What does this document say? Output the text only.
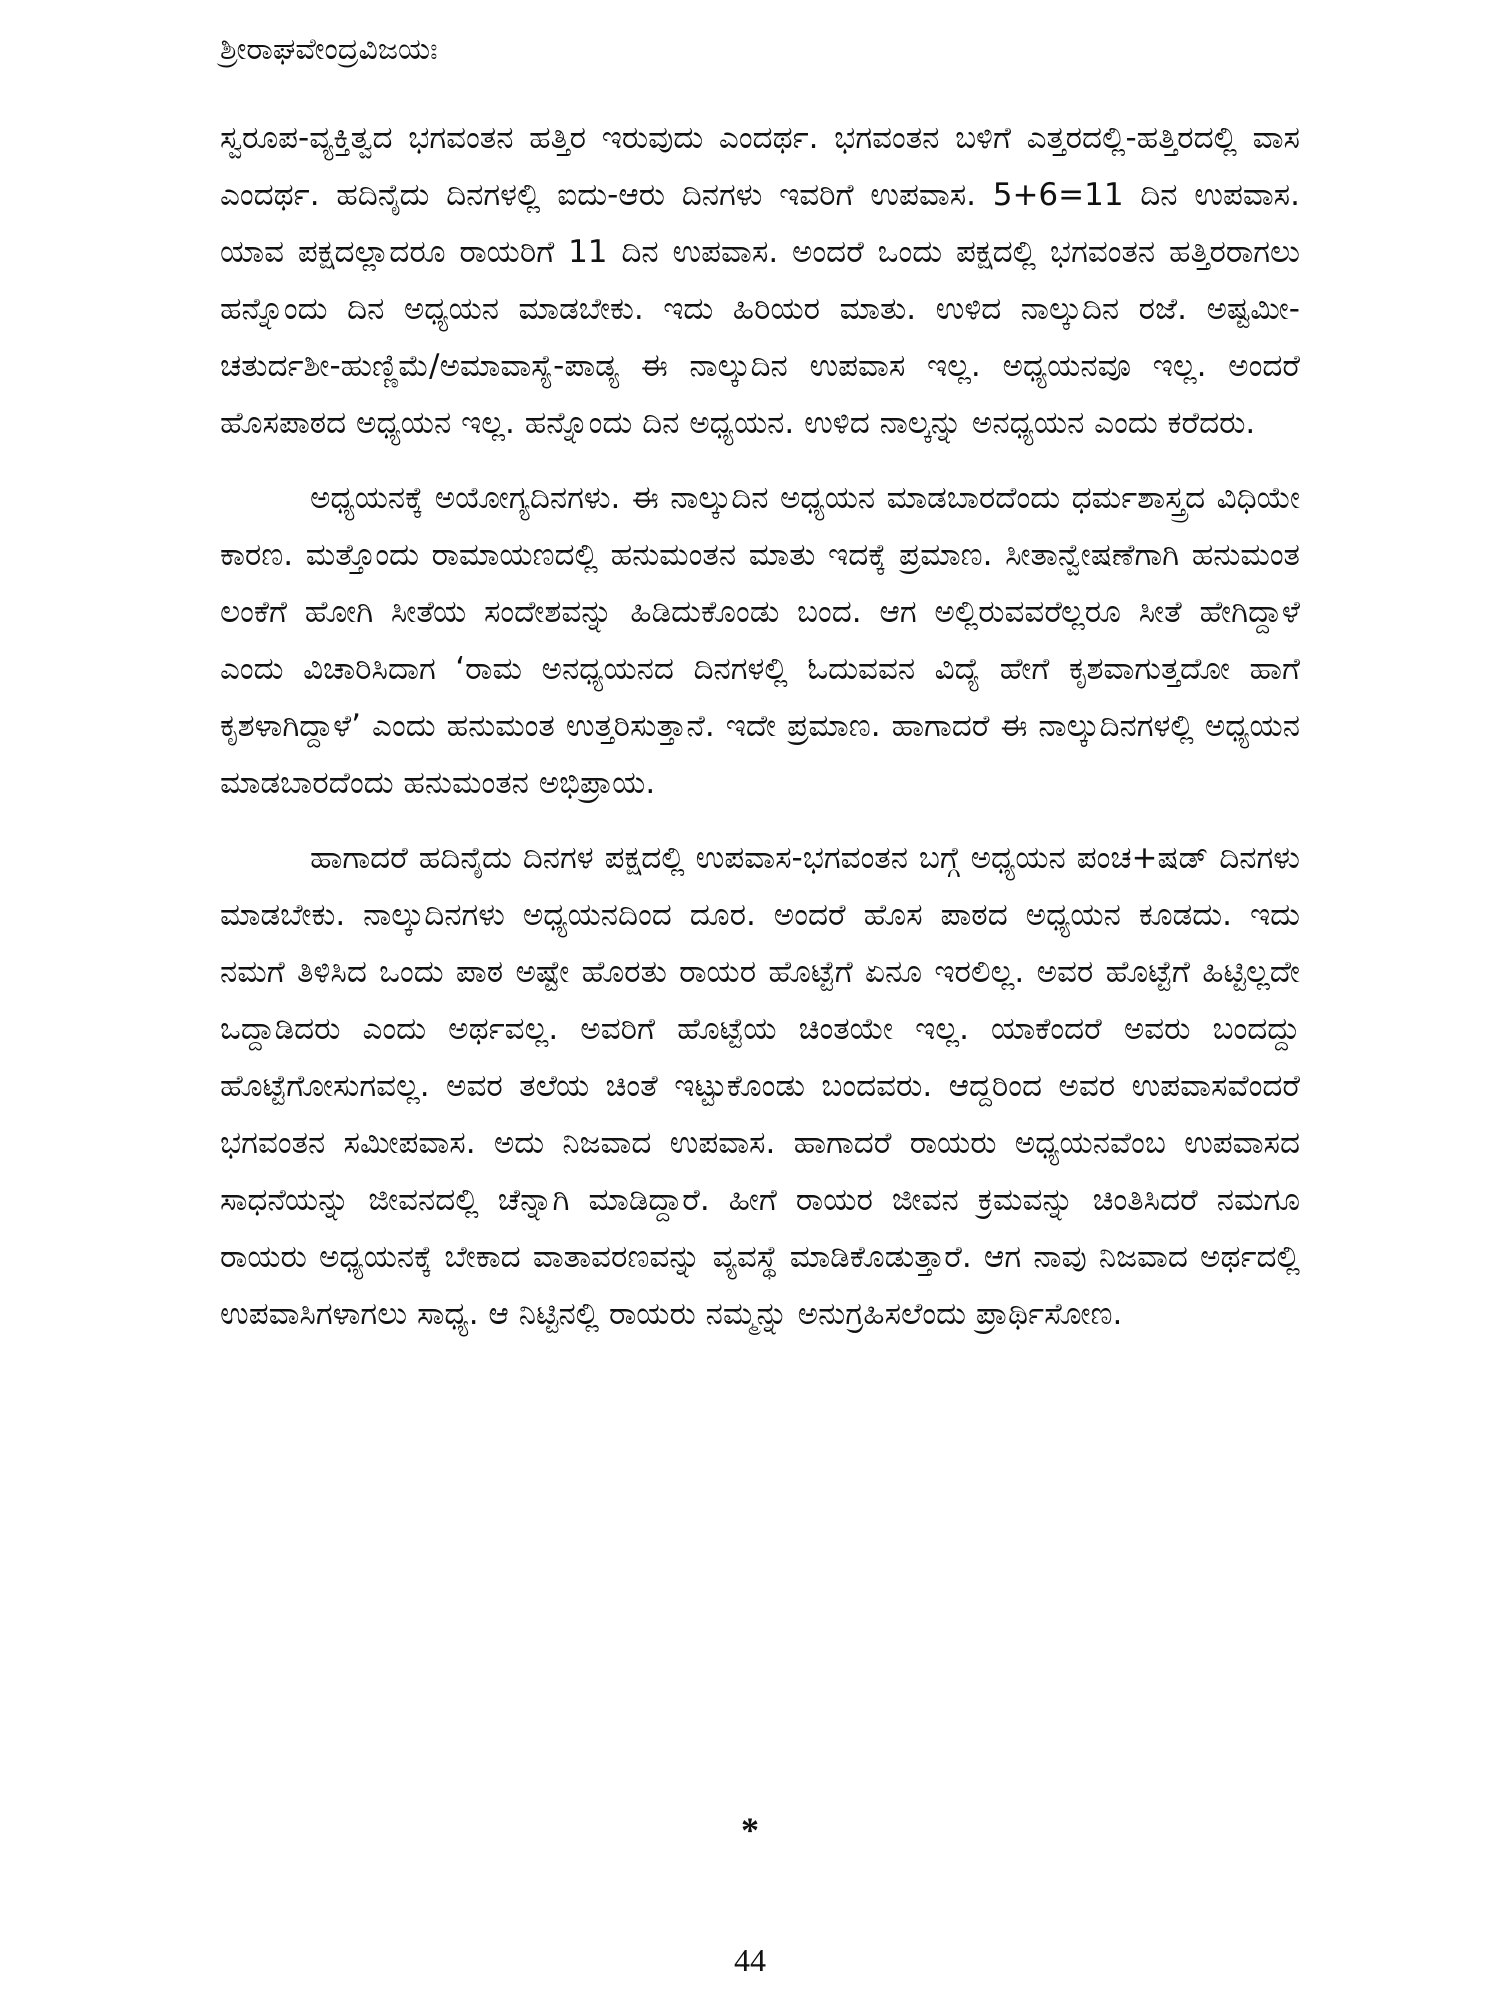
ಶ್ರೀರಾಘವೇಂದ್ರವಿಜಯಃ

ಸ್ವರೂಪ-ವ್ಯಕ್ತಿತ್ವದ ಭಗವಂತನ ಹತ್ತಿರ ಇರುವುದು ಎಂದರ್ಥ. ಭಗವಂತನ ಬಳಿಗೆ ಎತ್ತರದಲ್ಲಿ-ಹತ್ತಿರದಲ್ಲಿ ವಾಸ ಎಂದರ್ಥ. ಹದಿನೈದು ದಿನಗಳಲ್ಲಿ ಐದು-ಆರು ದಿನಗಳು ಇವರಿಗೆ ಉಪವಾಸ. 5+6=11 ದಿನ ಉಪವಾಸ. ಯಾವ ಪಕ್ಷದಲ್ಲಾದರೂ ರಾಯರಿಗೆ 11 ದಿನ ಉಪವಾಸ. ಅಂದರೆ ಒಂದು ಪಕ್ಷದಲ್ಲಿ ಭಗವಂತನ ಹತ್ತಿರರಾಗಲು ಹನ್ನೊಂದು ದಿನ ಅಧ್ಯಯನ ಮಾಡಬೇಕು. ಇದು ಹಿರಿಯರ ಮಾತು. ಉಳಿದ ನಾಲ್ಕುದಿನ ರಜೆ. ಅಷ್ಟಮೀ-ಚತುರ್ದಶೀ-ಹುಣ್ಣಿಮೆ/ಅಮಾವಾಸ್ಯೆ-ಪಾಡ್ಯ ಈ ನಾಲ್ಕುದಿನ ಉಪವಾಸ ಇಲ್ಲ. ಅಧ್ಯಯನವೂ ಇಲ್ಲ. ಅಂದರೆ ಹೊಸಪಾಠದ ಅಧ್ಯಯನ ಇಲ್ಲ. ಹನ್ನೊಂದು ದಿನ ಅಧ್ಯಯನ. ಉಳಿದ ನಾಲ್ಕನ್ನು ಅನಧ್ಯಯನ ಎಂದು ಕರೆದರು.

ಅಧ್ಯಯನಕ್ಕೆ ಅಯೋಗ್ಯದಿನಗಳು. ಈ ನಾಲ್ಕುದಿನ ಅಧ್ಯಯನ ಮಾಡಬಾರದೆಂದು ಧರ್ಮಶಾಸ್ತ್ರದ ವಿಧಿಯೇ ಕಾರಣ. ಮತ್ತೊಂದು ರಾಮಾಯಣದಲ್ಲಿ ಹನುಮಂತನ ಮಾತು ಇದಕ್ಕೆ ಪ್ರಮಾಣ. ಸೀತಾನ್ವೇಷಣೆಗಾಗಿ ಹನುಮಂತ ಲಂಕೆಗೆ ಹೋಗಿ ಸೀತೆಯ ಸಂದೇಶವನ್ನು ಹಿಡಿದುಕೊಂಡು ಬಂದ. ಆಗ ಅಲ್ಲಿರುವವರೆಲ್ಲರೂ ಸೀತೆ ಹೇಗಿದ್ದಾಳೆ ಎಂದು ವಿಚಾರಿಸಿದಾಗ ‘ರಾಮ ಅನಧ್ಯಯನದ ದಿನಗಳಲ್ಲಿ ಓದುವವನ ವಿದ್ಯೆ ಹೇಗೆ ಕೃಶವಾಗುತ್ತದೋ ಹಾಗೆ ಕೃಶಳಾಗಿದ್ದಾಳೆ’ ಎಂದು ಹನುಮಂತ ಉತ್ತರಿಸುತ್ತಾನೆ. ಇದೇ ಪ್ರಮಾಣ. ಹಾಗಾದರೆ ಈ ನಾಲ್ಕುದಿನಗಳಲ್ಲಿ ಅಧ್ಯಯನ ಮಾಡಬಾರದೆಂದು ಹನುಮಂತನ ಅಭಿಪ್ರಾಯ.

ಹಾಗಾದರೆ ಹದಿನೈದು ದಿನಗಳ ಪಕ್ಷದಲ್ಲಿ ಉಪವಾಸ-ಭಗವಂತನ ಬಗ್ಗೆ ಅಧ್ಯಯನ ಪಂಚ+ಷಡ್ ದಿನಗಳು ಮಾಡಬೇಕು. ನಾಲ್ಕುದಿನಗಳು ಅಧ್ಯಯನದಿಂದ ದೂರ. ಅಂದರೆ ಹೊಸ ಪಾಠದ ಅಧ್ಯಯನ ಕೂಡದು. ಇದು ನಮಗೆ ತಿಳಿಸಿದ ಒಂದು ಪಾಠ ಅಷ್ಟೇ ಹೊರತು ರಾಯರ ಹೊಟ್ಟೆಗೆ ಏನೂ ಇರಲಿಲ್ಲ. ಅವರ ಹೊಟ್ಟೆಗೆ ಹಿಟ್ಟಿಲ್ಲದೇ ಒದ್ದಾಡಿದರು ಎಂದು ಅರ್ಥವಲ್ಲ. ಅವರಿಗೆ ಹೊಟ್ಟೆಯ ಚಿಂತಯೇ ಇಲ್ಲ. ಯಾಕೆಂದರೆ ಅವರು ಬಂದದ್ದು ಹೊಟ್ಟೆಗೋಸುಗವಲ್ಲ. ಅವರ ತಲೆಯ ಚಿಂತೆ ಇಟ್ಟುಕೊಂಡು ಬಂದವರು. ಆದ್ದರಿಂದ ಅವರ ಉಪವಾಸವೆಂದರೆ ಭಗವಂತನ ಸಮೀಪವಾಸ. ಅದು ನಿಜವಾದ ಉಪವಾಸ. ಹಾಗಾದರೆ ರಾಯರು ಅಧ್ಯಯನವೆಂಬ ಉಪವಾಸದ ಸಾಧನೆಯನ್ನು ಜೀವನದಲ್ಲಿ ಚೆನ್ನಾಗಿ ಮಾಡಿದ್ದಾರೆ. ಹೀಗೆ ರಾಯರ ಜೀವನ ಕ್ರಮವನ್ನು ಚಿಂತಿಸಿದರೆ ನಮಗೂ ರಾಯರು ಅಧ್ಯಯನಕ್ಕೆ ಬೇಕಾದ ವಾತಾವರಣವನ್ನು ವ್ಯವಸ್ಥೆ ಮಾಡಿಕೊಡುತ್ತಾರೆ. ಆಗ ನಾವು ನಿಜವಾದ ಅರ್ಥದಲ್ಲಿ ಉಪವಾಸಿಗಳಾಗಲು ಸಾಧ್ಯ. ಆ ನಿಟ್ಟಿನಲ್ಲಿ ರಾಯರು ನಮ್ಮನ್ನು ಅನುಗ್ರಹಿಸಲೆಂದು ಪ್ರಾರ್ಥಿಸೋಣ.

*
44
